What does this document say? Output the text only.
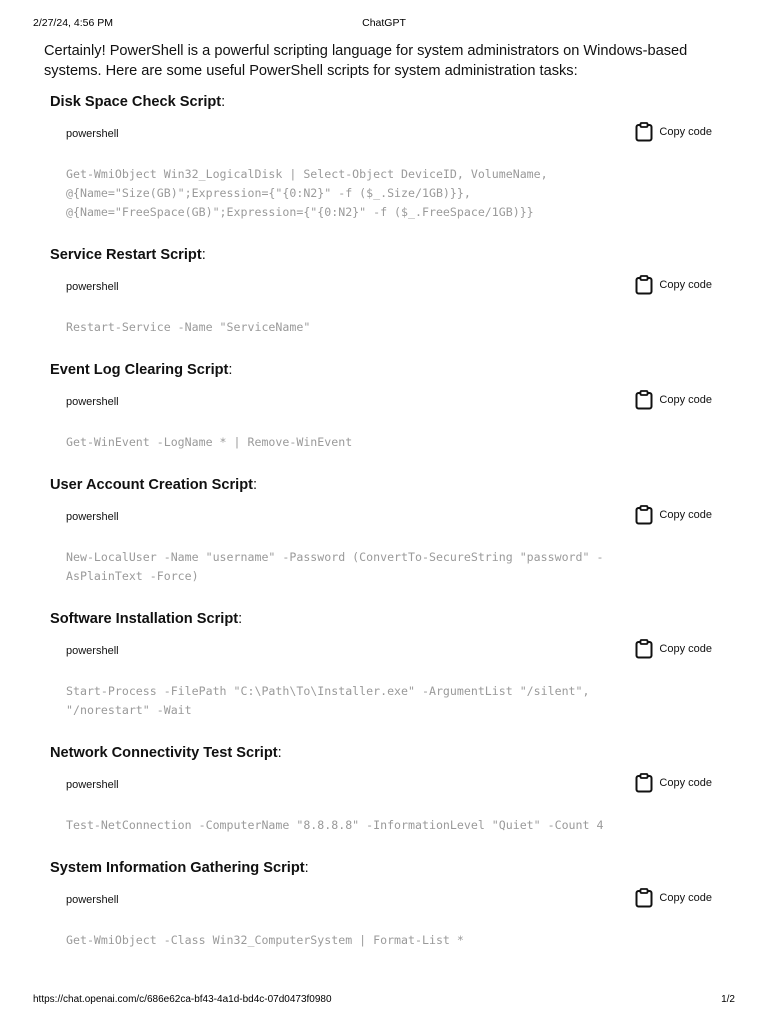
2/27/24, 4:56 PM	ChatGPT

Certainly! PowerShell is a powerful scripting language for system administrators on Windows-based systems. Here are some useful PowerShell scripts for system administration tasks:

Disk Space Check Script:
powershell	Copy code
Get-WmiObject Win32_LogicalDisk | Select-Object DeviceID, VolumeName,
@{Name="Size(GB)";Expression={"{0:N2}" -f ($_.Size/1GB)}},
@{Name="FreeSpace(GB)";Expression={"{0:N2}" -f ($_.FreeSpace/1GB)}}
Service Restart Script:
powershell	Copy code
Restart-Service -Name "ServiceName"
Event Log Clearing Script:
powershell	Copy code
Get-WinEvent -LogName * | Remove-WinEvent
User Account Creation Script:
powershell	Copy code
New-LocalUser -Name "username" -Password (ConvertTo-SecureString "password" -
AsPlainText -Force)
Software Installation Script:
powershell	Copy code
Start-Process -FilePath "C:\Path\To\Installer.exe" -ArgumentList "/silent",
"/norestart" -Wait
Network Connectivity Test Script:
powershell	Copy code
Test-NetConnection -ComputerName "8.8.8.8" -InformationLevel "Quiet" -Count 4
System Information Gathering Script:
powershell	Copy code
Get-WmiObject -Class Win32_ComputerSystem | Format-List *
https://chat.openai.com/c/686e62ca-bf43-4a1d-bd4c-07d0473f0980	1/2
